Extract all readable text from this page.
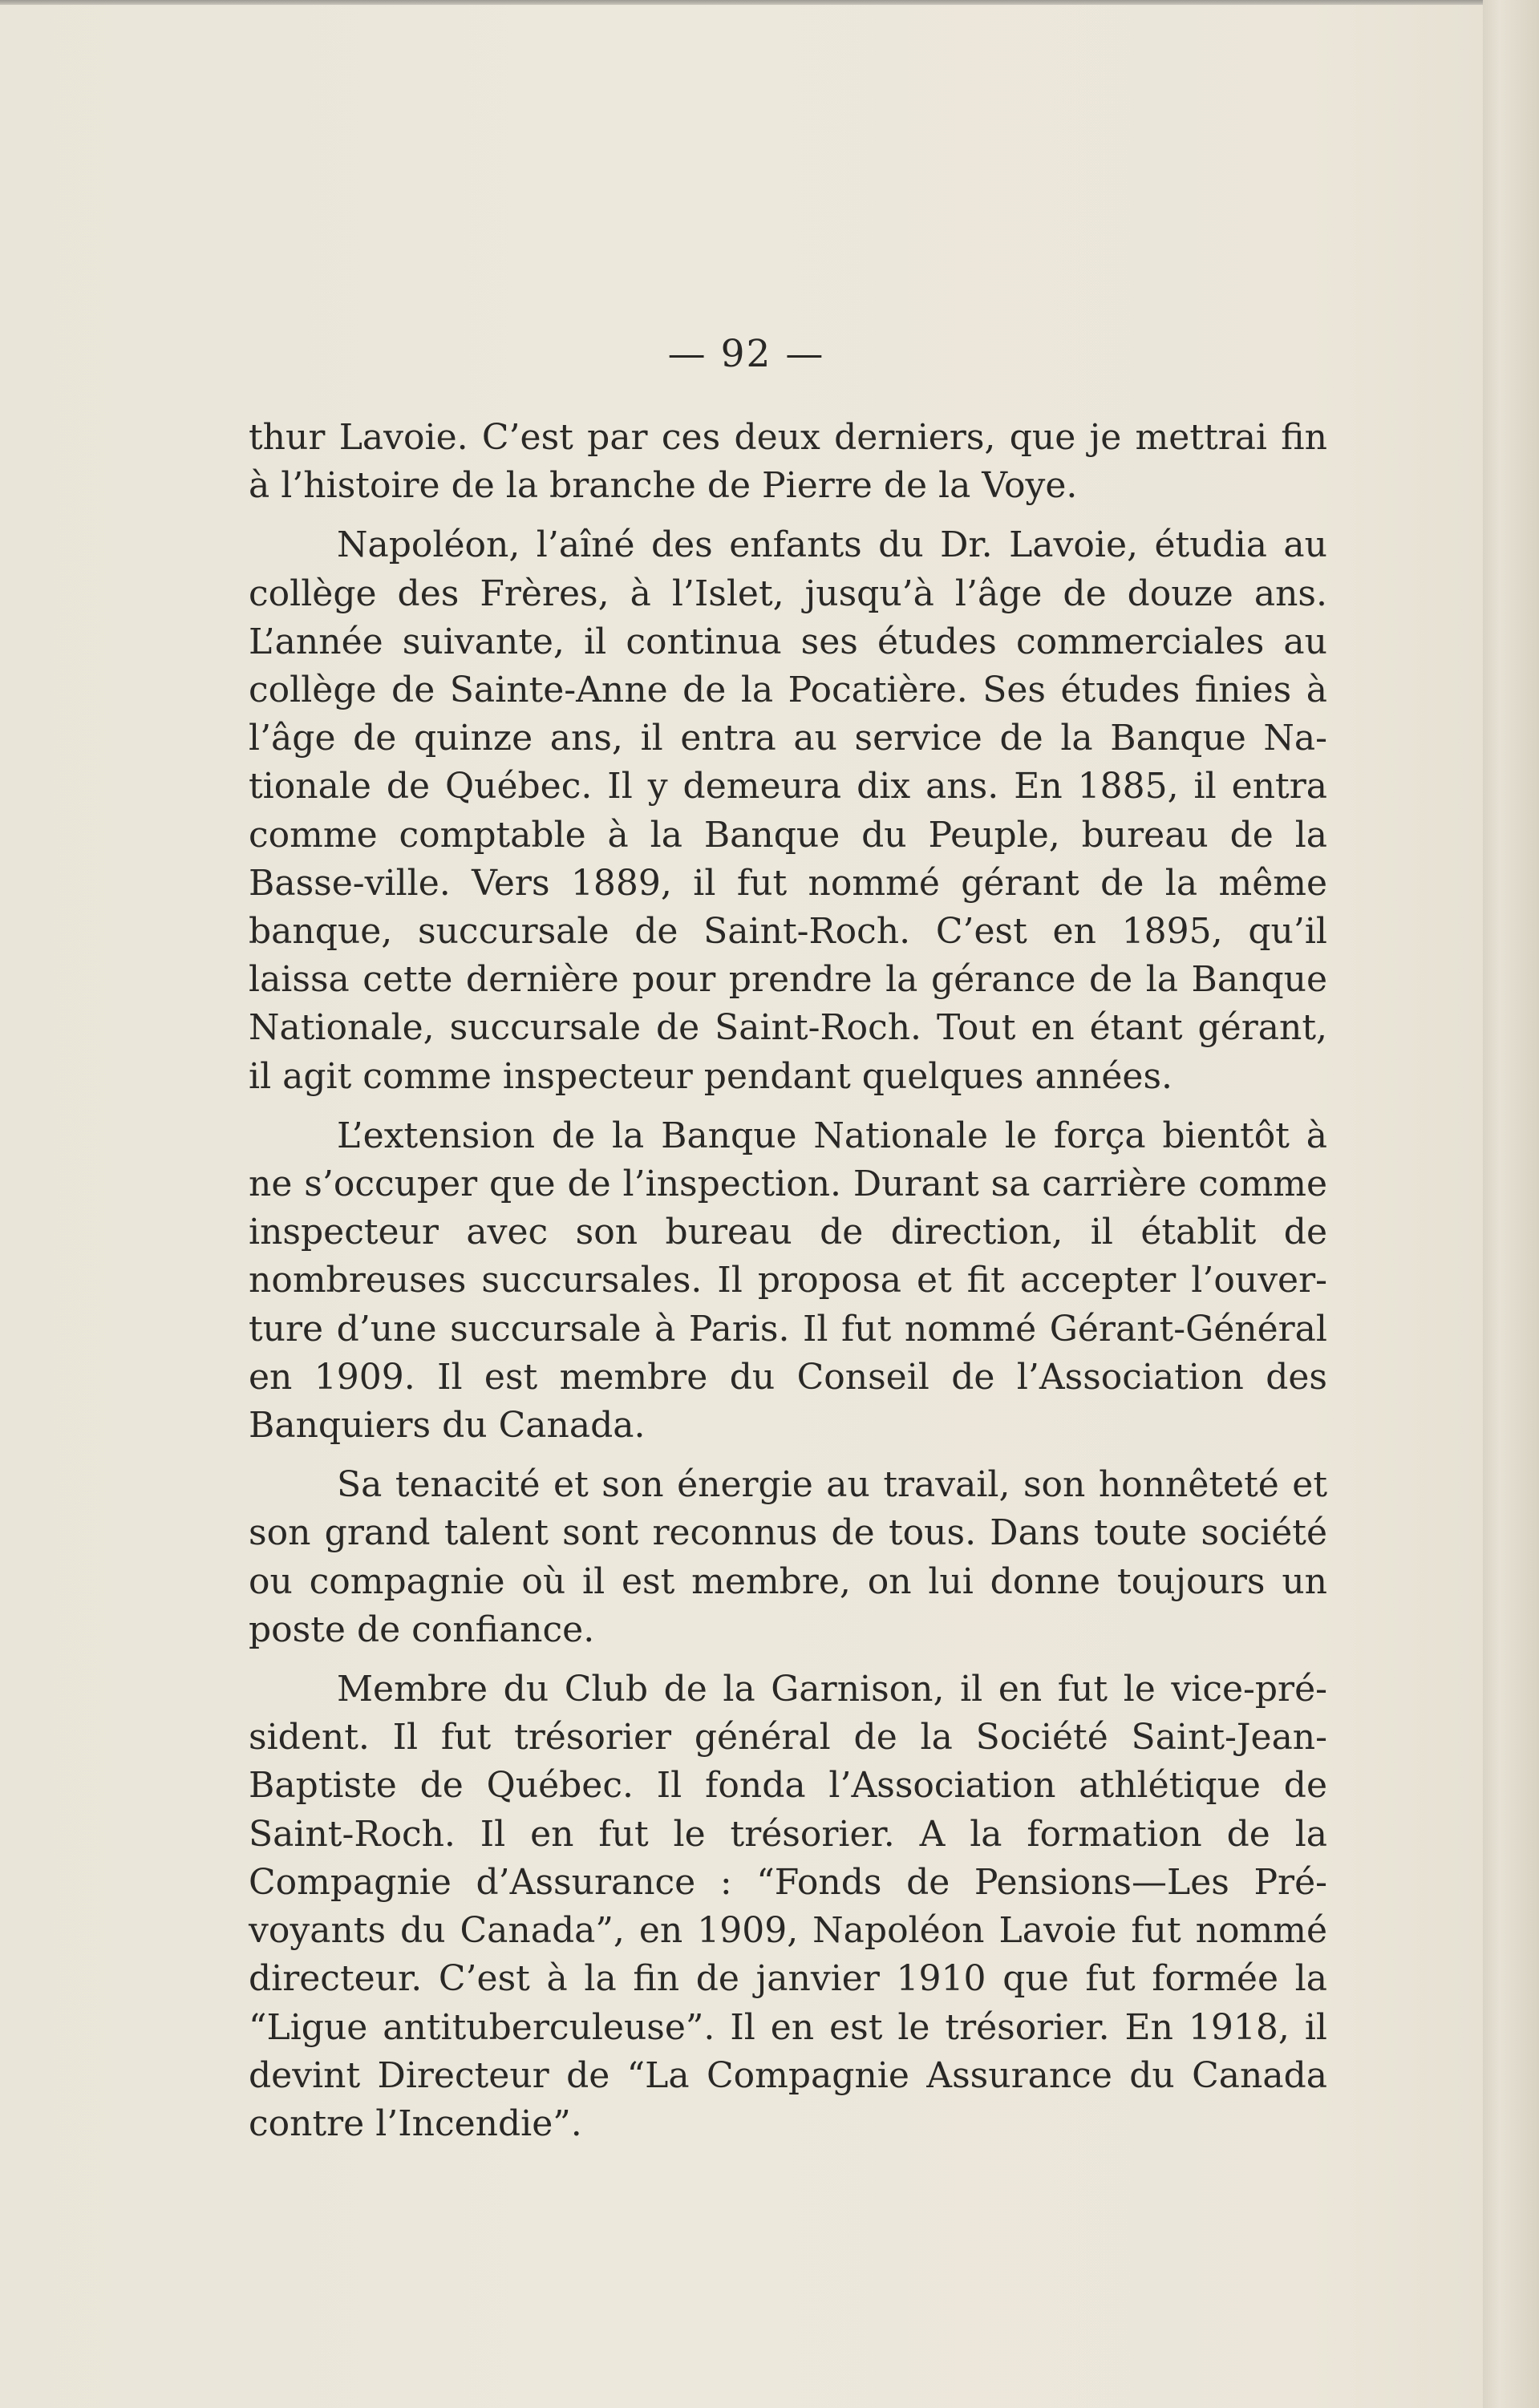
— 92 —

thur Lavoie. C’est par ces deux derniers, que je mettrai fin à l’histoire de la branche de Pierre de la Voye.

Napoléon, l’aîné des enfants du Dr. Lavoie, étudia au collège des Frères, à l’Islet, jusqu’à l’âge de douze ans. L’année suivante, il continua ses études commerciales au collège de Sainte-Anne de la Pocatière. Ses études finies à l’âge de quinze ans, il entra au service de la Banque Nationale de Québec. Il y demeura dix ans. En 1885, il entra comme comptable à la Banque du Peuple, bureau de la Basse-ville. Vers 1889, il fut nommé gérant de la même banque, succursale de Saint-Roch. C’est en 1895, qu’il laissa cette dernière pour prendre la gérance de la Banque Nationale, succursale de Saint-Roch. Tout en étant gérant, il agit comme inspecteur pendant quelques années.

L’extension de la Banque Nationale le força bientôt à ne s’occuper que de l’inspection. Durant sa carrière comme inspecteur avec son bureau de direction, il établit de nombreuses succursales. Il proposa et fit accepter l’ouverture d’une succursale à Paris. Il fut nommé Gérant-Général en 1909. Il est membre du Conseil de l’Association des Banquiers du Canada.

Sa tenacité et son énergie au travail, son honnêteté et son grand talent sont reconnus de tous. Dans toute société ou compagnie où il est membre, on lui donne toujours un poste de confiance.

Membre du Club de la Garnison, il en fut le vice-président. Il fut trésorier général de la Société Saint-Jean-Baptiste de Québec. Il fonda l’Association athlétique de Saint-Roch. Il en fut le trésorier. A la formation de la Compagnie d’Assurance : “Fonds de Pensions—Les Prévoyants du Canada”, en 1909, Napoléon Lavoie fut nommé directeur. C’est à la fin de janvier 1910 que fut formée la “Ligue antituberculeuse”. Il en est le trésorier. En 1918, il devint Directeur de “La Compagnie Assurance du Canada contre l’Incendie”.
